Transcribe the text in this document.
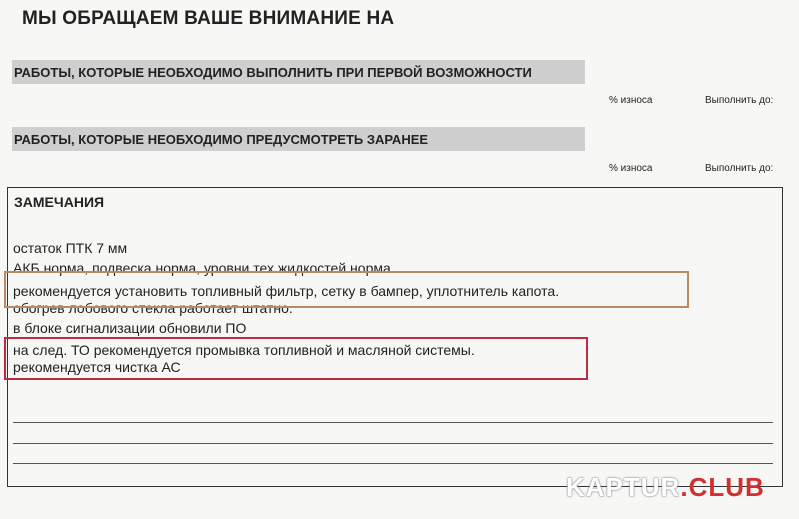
МЫ ОБРАЩАЕМ ВАШЕ ВНИМАНИЕ НА
РАБОТЫ, КОТОРЫЕ НЕОБХОДИМО ВЫПОЛНИТЬ ПРИ ПЕРВОЙ ВОЗМОЖНОСТИ
% износа	Выполнить до:
РАБОТЫ, КОТОРЫЕ НЕОБХОДИМО ПРЕДУСМОТРЕТЬ ЗАРАНЕЕ
% износа	Выполнить до:
ЗАМЕЧАНИЯ
остаток ПТК 7 мм
АКБ норма, подвеска норма, уровни тех жидкостей норма.
рекомендуется установить топливный фильтр, сетку в бампер, уплотнитель капота.
обогрев лобового стекла работает штатно.
в блоке сигнализации обновили ПО
на след. ТО рекомендуется промывка топливной и масляной системы.
рекомендуется чистка АС
KAPTUR.CLUB
